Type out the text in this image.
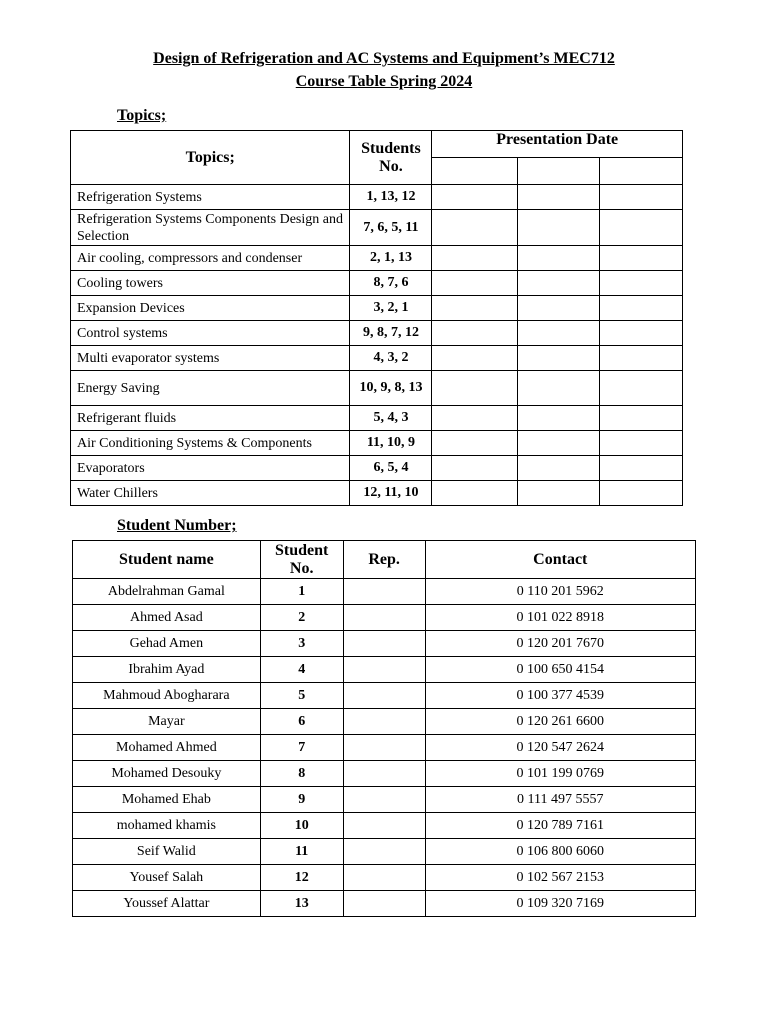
Design of Refrigeration and AC Systems and Equipment’s MEC712
Course Table Spring 2024
Topics;
Topics;	Students No.	Presentation Date		

Refrigeration Systems	1, 13, 12			
Refrigeration Systems Components Design and Selection	7, 6, 5, 11			
Air cooling, compressors and condenser	2, 1, 13			
Cooling towers	8, 7, 6			
Expansion Devices	3, 2, 1			
Control systems	9, 8, 7, 12			
Multi evaporator systems	4, 3, 2			
Energy Saving	10, 9, 8, 13			
Refrigerant fluids	5, 4, 3			
Air Conditioning Systems & Components	11, 10, 9			
Evaporators	6, 5, 4			
Water Chillers	12, 11, 10			
Student Number;
Student name	Student No.	Rep.	Contact
Abdelrahman Gamal	1		0 110 201 5962
Ahmed Asad	2		0 101 022 8918
Gehad Amen	3		0 120 201 7670
Ibrahim Ayad	4		0 100 650 4154
Mahmoud Abogharara	5		0 100 377 4539
Mayar	6		0 120 261 6600
Mohamed Ahmed	7		0 120 547 2624
Mohamed Desouky	8		0 101 199 0769
Mohamed Ehab	9		0 111 497 5557
mohamed khamis	10		0 120 789 7161
Seif Walid	11		0 106 800 6060
Yousef Salah	12		0 102 567 2153
Youssef Alattar	13		0 109 320 7169
